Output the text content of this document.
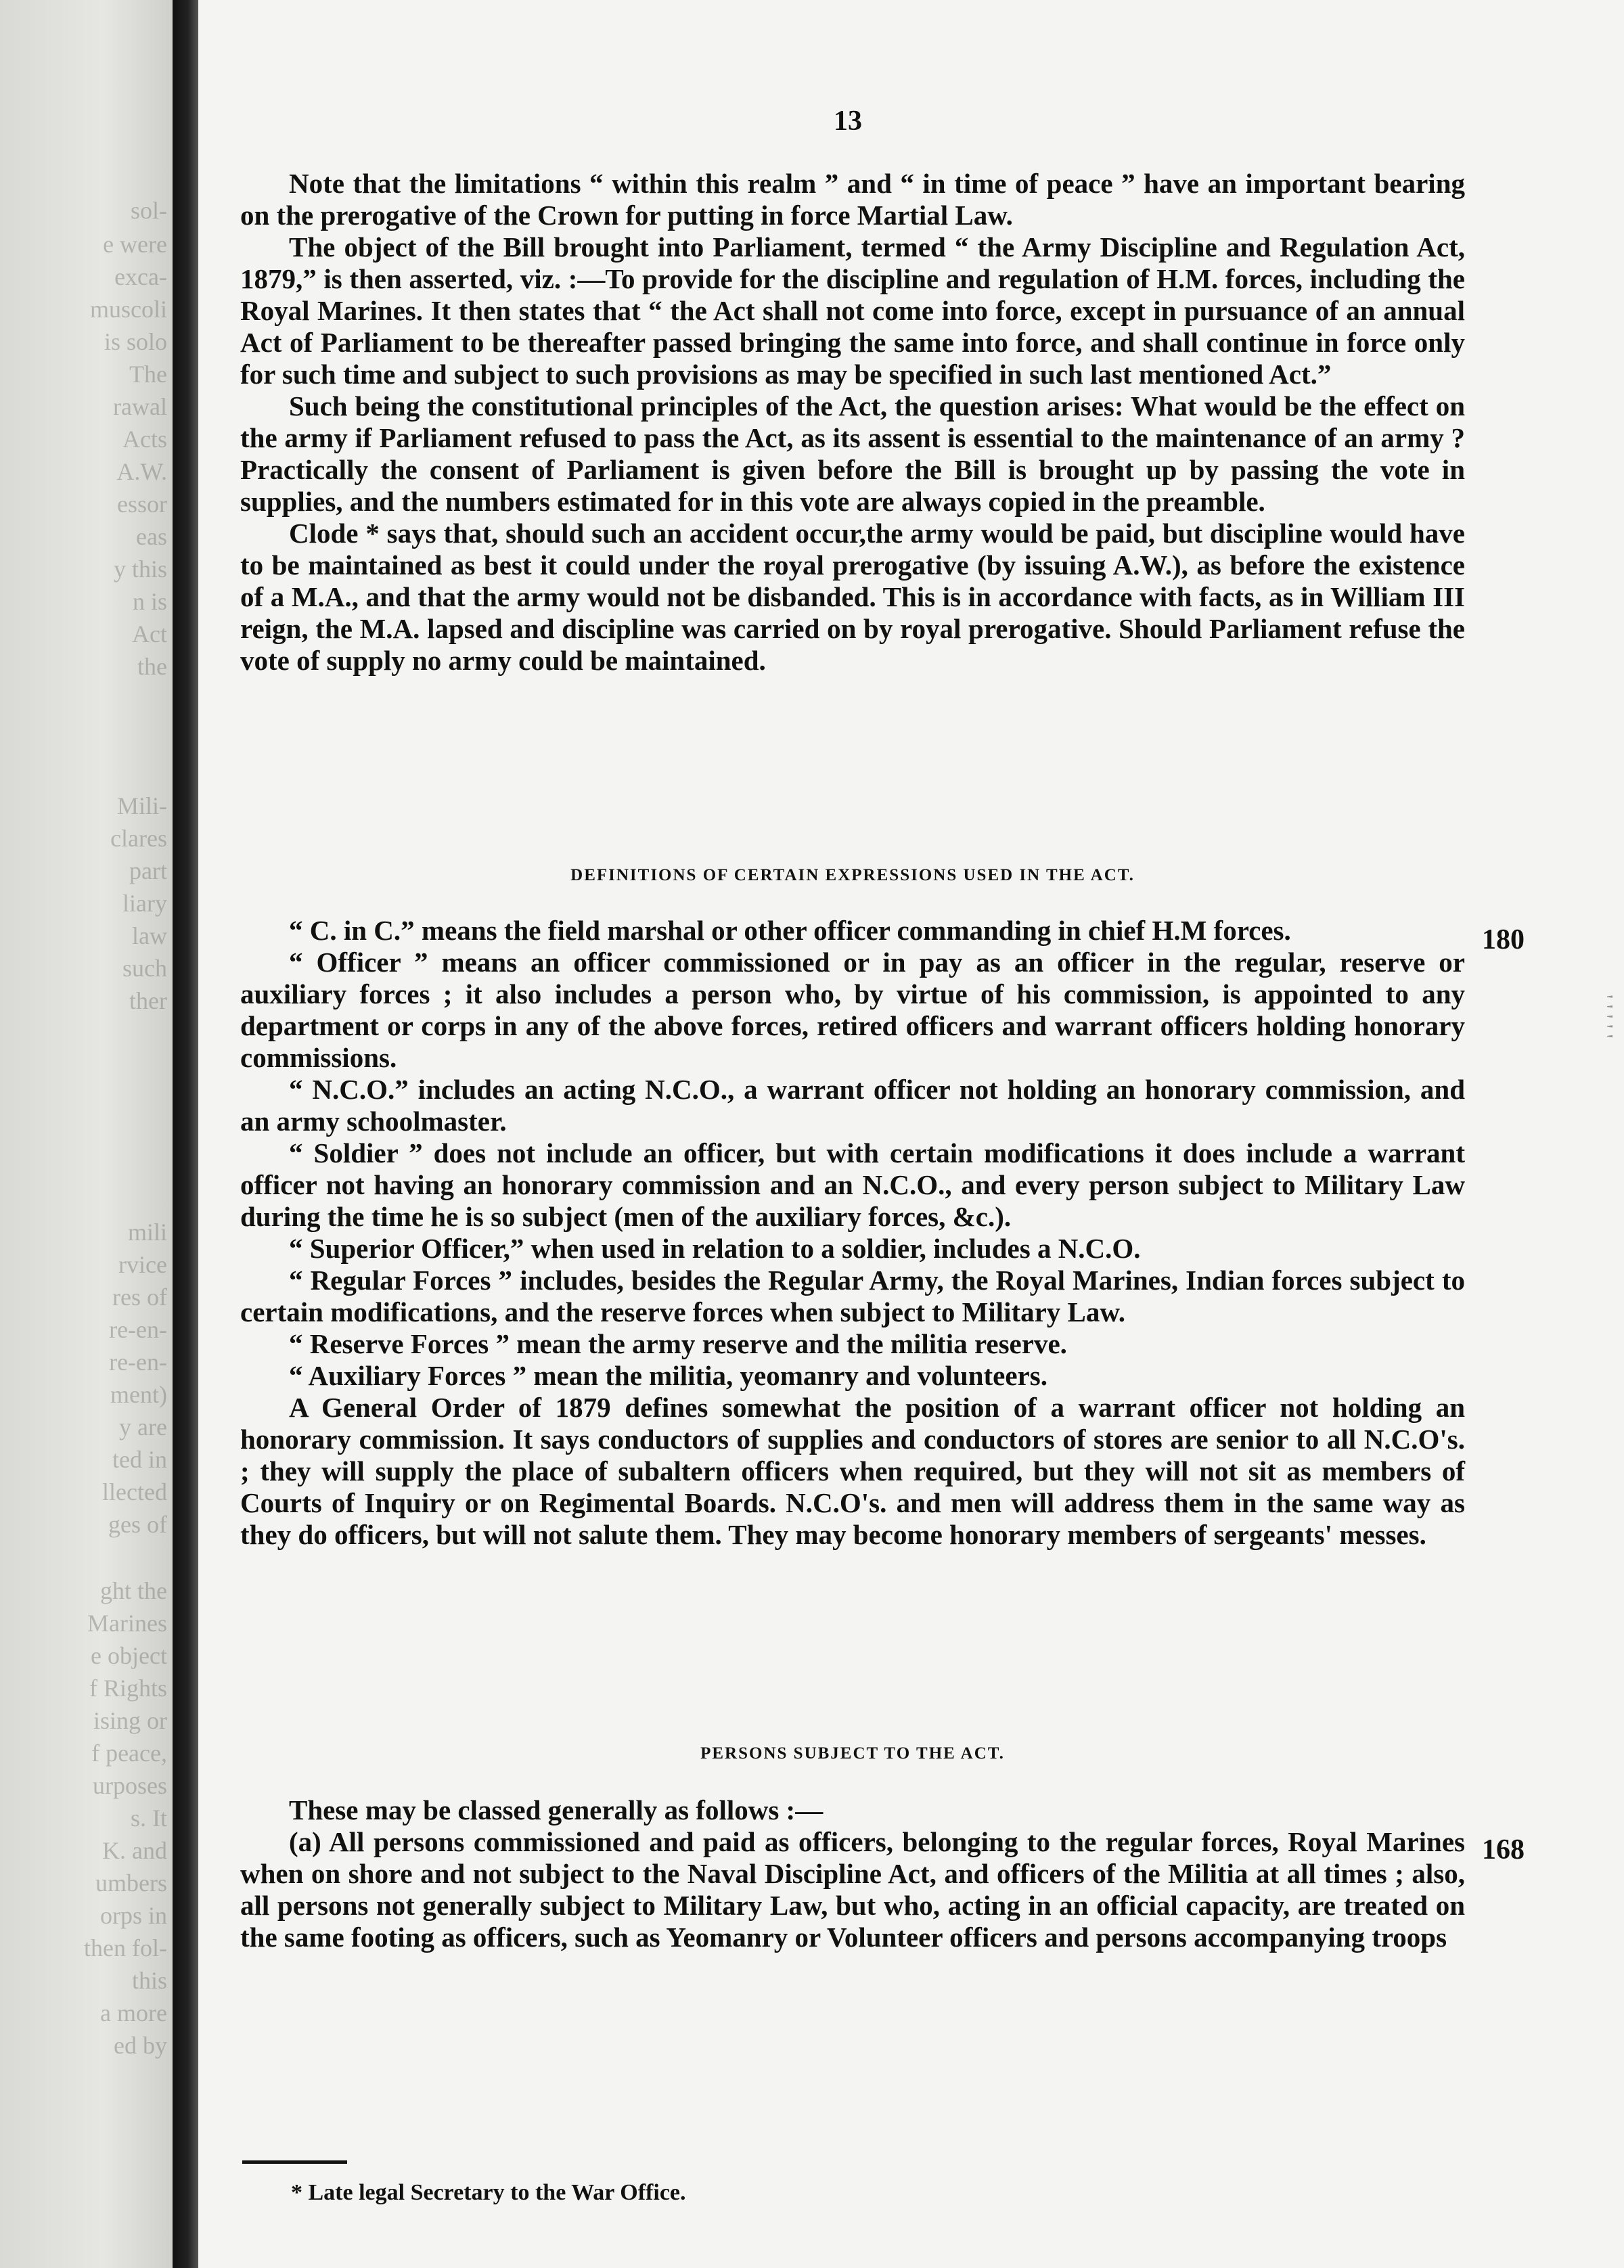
sol-
e were
exca-
muscoli
is solo
The
rawal
Acts
A.W.
essor
eas
y this
n is
Act
the
Mili-
clares
part
liary
law
such
ther
mili
rvice
res of
re-en-
re-en-
ment)
y are
ted in
llected
ges of
ght the
Marines
e object
f Rights
ising or
f peace,
urposes
s. It
K. and
umbers
orps in
then fol-
this
a more
ed by
13

Note that the limitations “ within this realm ” and “ in time of peace ” have an important bearing on the prerogative of the Crown for putting in force Martial Law.

The object of the Bill brought into Parliament, termed “ the Army Discipline and Regulation Act, 1879,” is then asserted, viz. :—To provide for the discipline and regulation of H.M. forces, including the Royal Marines. It then states that “ the Act shall not come into force, except in pursuance of an annual Act of Parliament to be thereafter passed bringing the same into force, and shall continue in force only for such time and subject to such provisions as may be specified in such last mentioned Act.”

Such being the constitutional principles of the Act, the question arises: What would be the effect on the army if Parliament refused to pass the Act, as its assent is essential to the maintenance of an army ? Practically the consent of Parliament is given before the Bill is brought up by passing the vote in supplies, and the numbers estimated for in this vote are always copied in the preamble.

Clode * says that, should such an accident occur,the army would be paid, but discipline would have to be maintained as best it could under the royal prerogative (by issuing A.W.), as before the existence of a M.A., and that the army would not be disbanded. This is in accordance with facts, as in William III reign, the M.A. lapsed and discipline was carried on by royal prerogative. Should Parliament refuse the vote of supply no army could be maintained.

DEFINITIONS OF CERTAIN EXPRESSIONS USED IN THE ACT.
180

“ C. in C.” means the field marshal or other officer commanding in chief H.M forces.

“ Officer ” means an officer commissioned or in pay as an officer in the regular, reserve or auxiliary forces ; it also includes a person who, by virtue of his commission, is appointed to any department or corps in any of the above forces, retired officers and warrant officers holding honorary commissions.

“ N.C.O.” includes an acting N.C.O., a warrant officer not holding an honorary commission, and an army schoolmaster.

“ Soldier ” does not include an officer, but with certain modifications it does include a warrant officer not having an honorary commission and an N.C.O., and every person subject to Military Law during the time he is so subject (men of the auxiliary forces, &c.).

“ Superior Officer,” when used in relation to a soldier, includes a N.C.O.

“ Regular Forces ” includes, besides the Regular Army, the Royal Marines, Indian forces subject to certain modifications, and the reserve forces when subject to Military Law.

“ Reserve Forces ” mean the army reserve and the militia reserve.

“ Auxiliary Forces ” mean the militia, yeomanry and volunteers.

A General Order of 1879 defines somewhat the position of a warrant officer not holding an honorary commission. It says conductors of supplies and conductors of stores are senior to all N.C.O's. ; they will supply the place of subaltern officers when required, but they will not sit as members of Courts of Inquiry or on Regimental Boards. N.C.O's. and men will address them in the same way as they do officers, but will not salute them. They may become honorary members of sergeants' messes.

PERSONS SUBJECT TO THE ACT.
168

These may be classed generally as follows :—

(a) All persons commissioned and paid as officers, belonging to the regular forces, Royal Marines when on shore and not subject to the Naval Discipline Act, and officers of the Militia at all times ; also, all persons not generally subject to Military Law, but who, acting in an official capacity, are treated on the same footing as officers, such as Yeomanry or Volunteer officers and persons accompanying troops

* Late legal Secretary to the War Office.
' ' ' ' '
